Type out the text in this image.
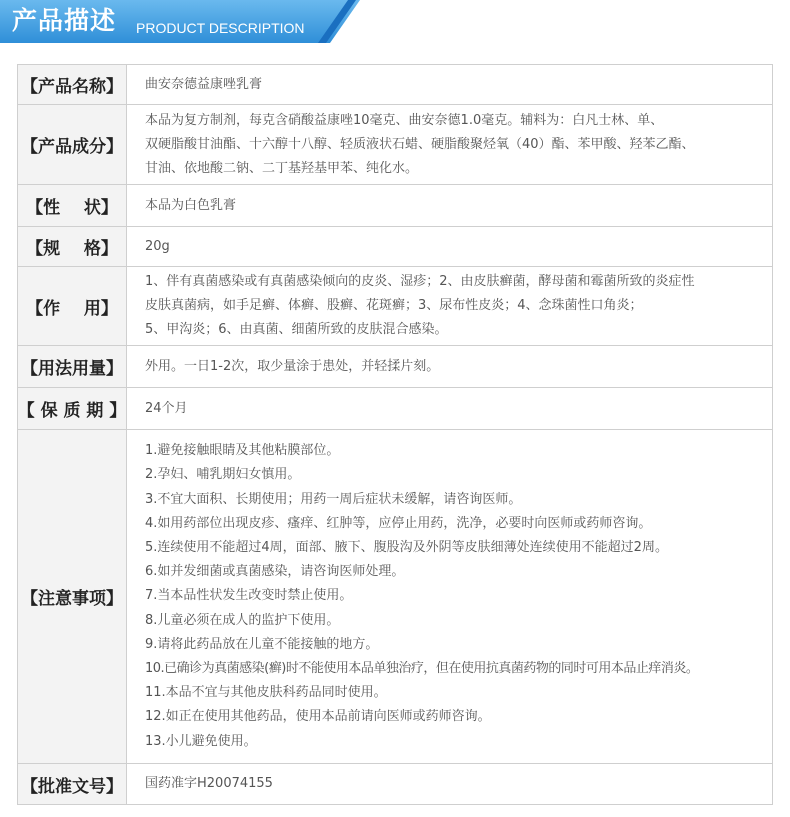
产品描述 PRODUCT DESCRIPTION
【产品名称】	曲安奈德益康唑乳膏
【产品成分】
本品为复方制剂，每克含硝酸益康唑10毫克、曲安奈德1.0毫克。辅料为：白凡士林、单、
双硬脂酸甘油酯、十六醇十八醇、轻质液状石蜡、硬脂酸聚烃氧（40）酯、苯甲酸、羟苯乙酯、
甘油、依地酸二钠、二丁基羟基甲苯、纯化水。
【性    状】	本品为白色乳膏
【规    格】	20g
【作    用】
1、伴有真菌感染或有真菌感染倾向的皮炎、湿疹；2、由皮肤癣菌，酵母菌和霉菌所致的炎症性
皮肤真菌病，如手足癣、体癣、股癣、花斑癣；3、尿布性皮炎；4、念珠菌性口角炎；
5、甲沟炎；6、由真菌、细菌所致的皮肤混合感染。
【用法用量】	外用。一日1-2次，取少量涂于患处，并轻揉片刻。
【 保 质 期 】 24个月
【注意事项】
1.避免接触眼睛及其他粘膜部位。
2.孕妇、哺乳期妇女慎用。
3.不宜大面积、长期使用；用药一周后症状未缓解，请咨询医师。
4.如用药部位出现皮疹、瘙痒、红肿等，应停止用药，洗净，必要时向医师或药师咨询。
5.连续使用不能超过4周，面部、腋下、腹股沟及外阴等皮肤细薄处连续使用不能超过2周。
6.如并发细菌或真菌感染，请咨询医师处理。
7.当本品性状发生改变时禁止使用。
8.儿童必须在成人的监护下使用。
9.请将此药品放在儿童不能接触的地方。
10.已确诊为真菌感染(癣)时不能使用本品单独治疗，但在使用抗真菌药物的同时可用本品止痒消炎。
11.本品不宜与其他皮肤科药品同时使用。
12.如正在使用其他药品，使用本品前请向医师或药师咨询。
13.小儿避免使用。
【批准文号】	国药准字H20074155
